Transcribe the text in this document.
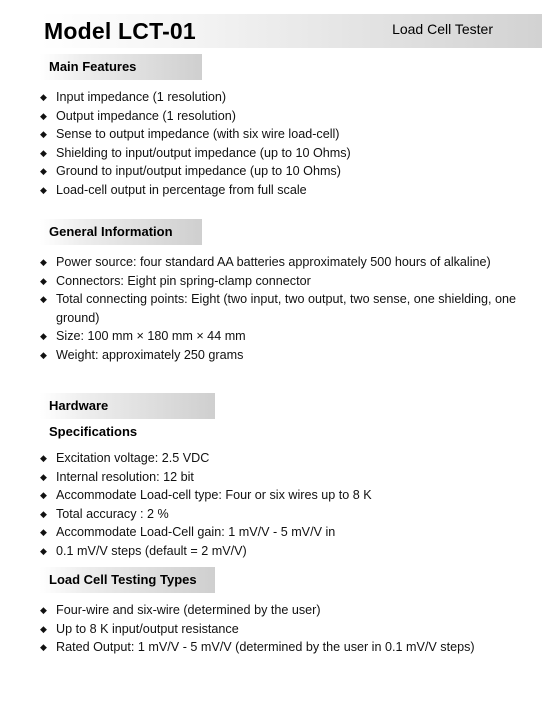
Model LCT-01	Load Cell Tester
Main Features
◆ Input impedance (1 resolution)
◆ Output impedance (1 resolution)
◆ Sense to output impedance (with six wire load-cell)
◆ Shielding to input/output impedance (up to 10 Ohms)
◆ Ground to input/output impedance (up to 10 Ohms)
◆ Load-cell output in percentage from full scale
General Information
◆ Power source: four standard AA batteries approximately 500 hours of alkaline)
◆ Connectors: Eight pin spring-clamp connector
◆ Total connecting points: Eight (two input, two output, two sense, one shielding, one ground)
◆ Size: 100 mm × 180 mm × 44 mm
◆ Weight: approximately 250 grams
Hardware Specifications
◆ Excitation voltage: 2.5 VDC
◆ Internal resolution: 12 bit
◆ Accommodate Load-cell type: Four or six wires up to 8 K
◆ Total accuracy : 2 %
◆ Accommodate Load-Cell gain: 1 mV/V - 5 mV/V in
◆ 0.1 mV/V steps (default = 2 mV/V)
Load Cell Testing Types
◆ Four-wire and six-wire (determined by the user)
◆ Up to 8 K input/output resistance
◆ Rated Output: 1 mV/V - 5 mV/V (determined by the user in 0.1 mV/V steps)
